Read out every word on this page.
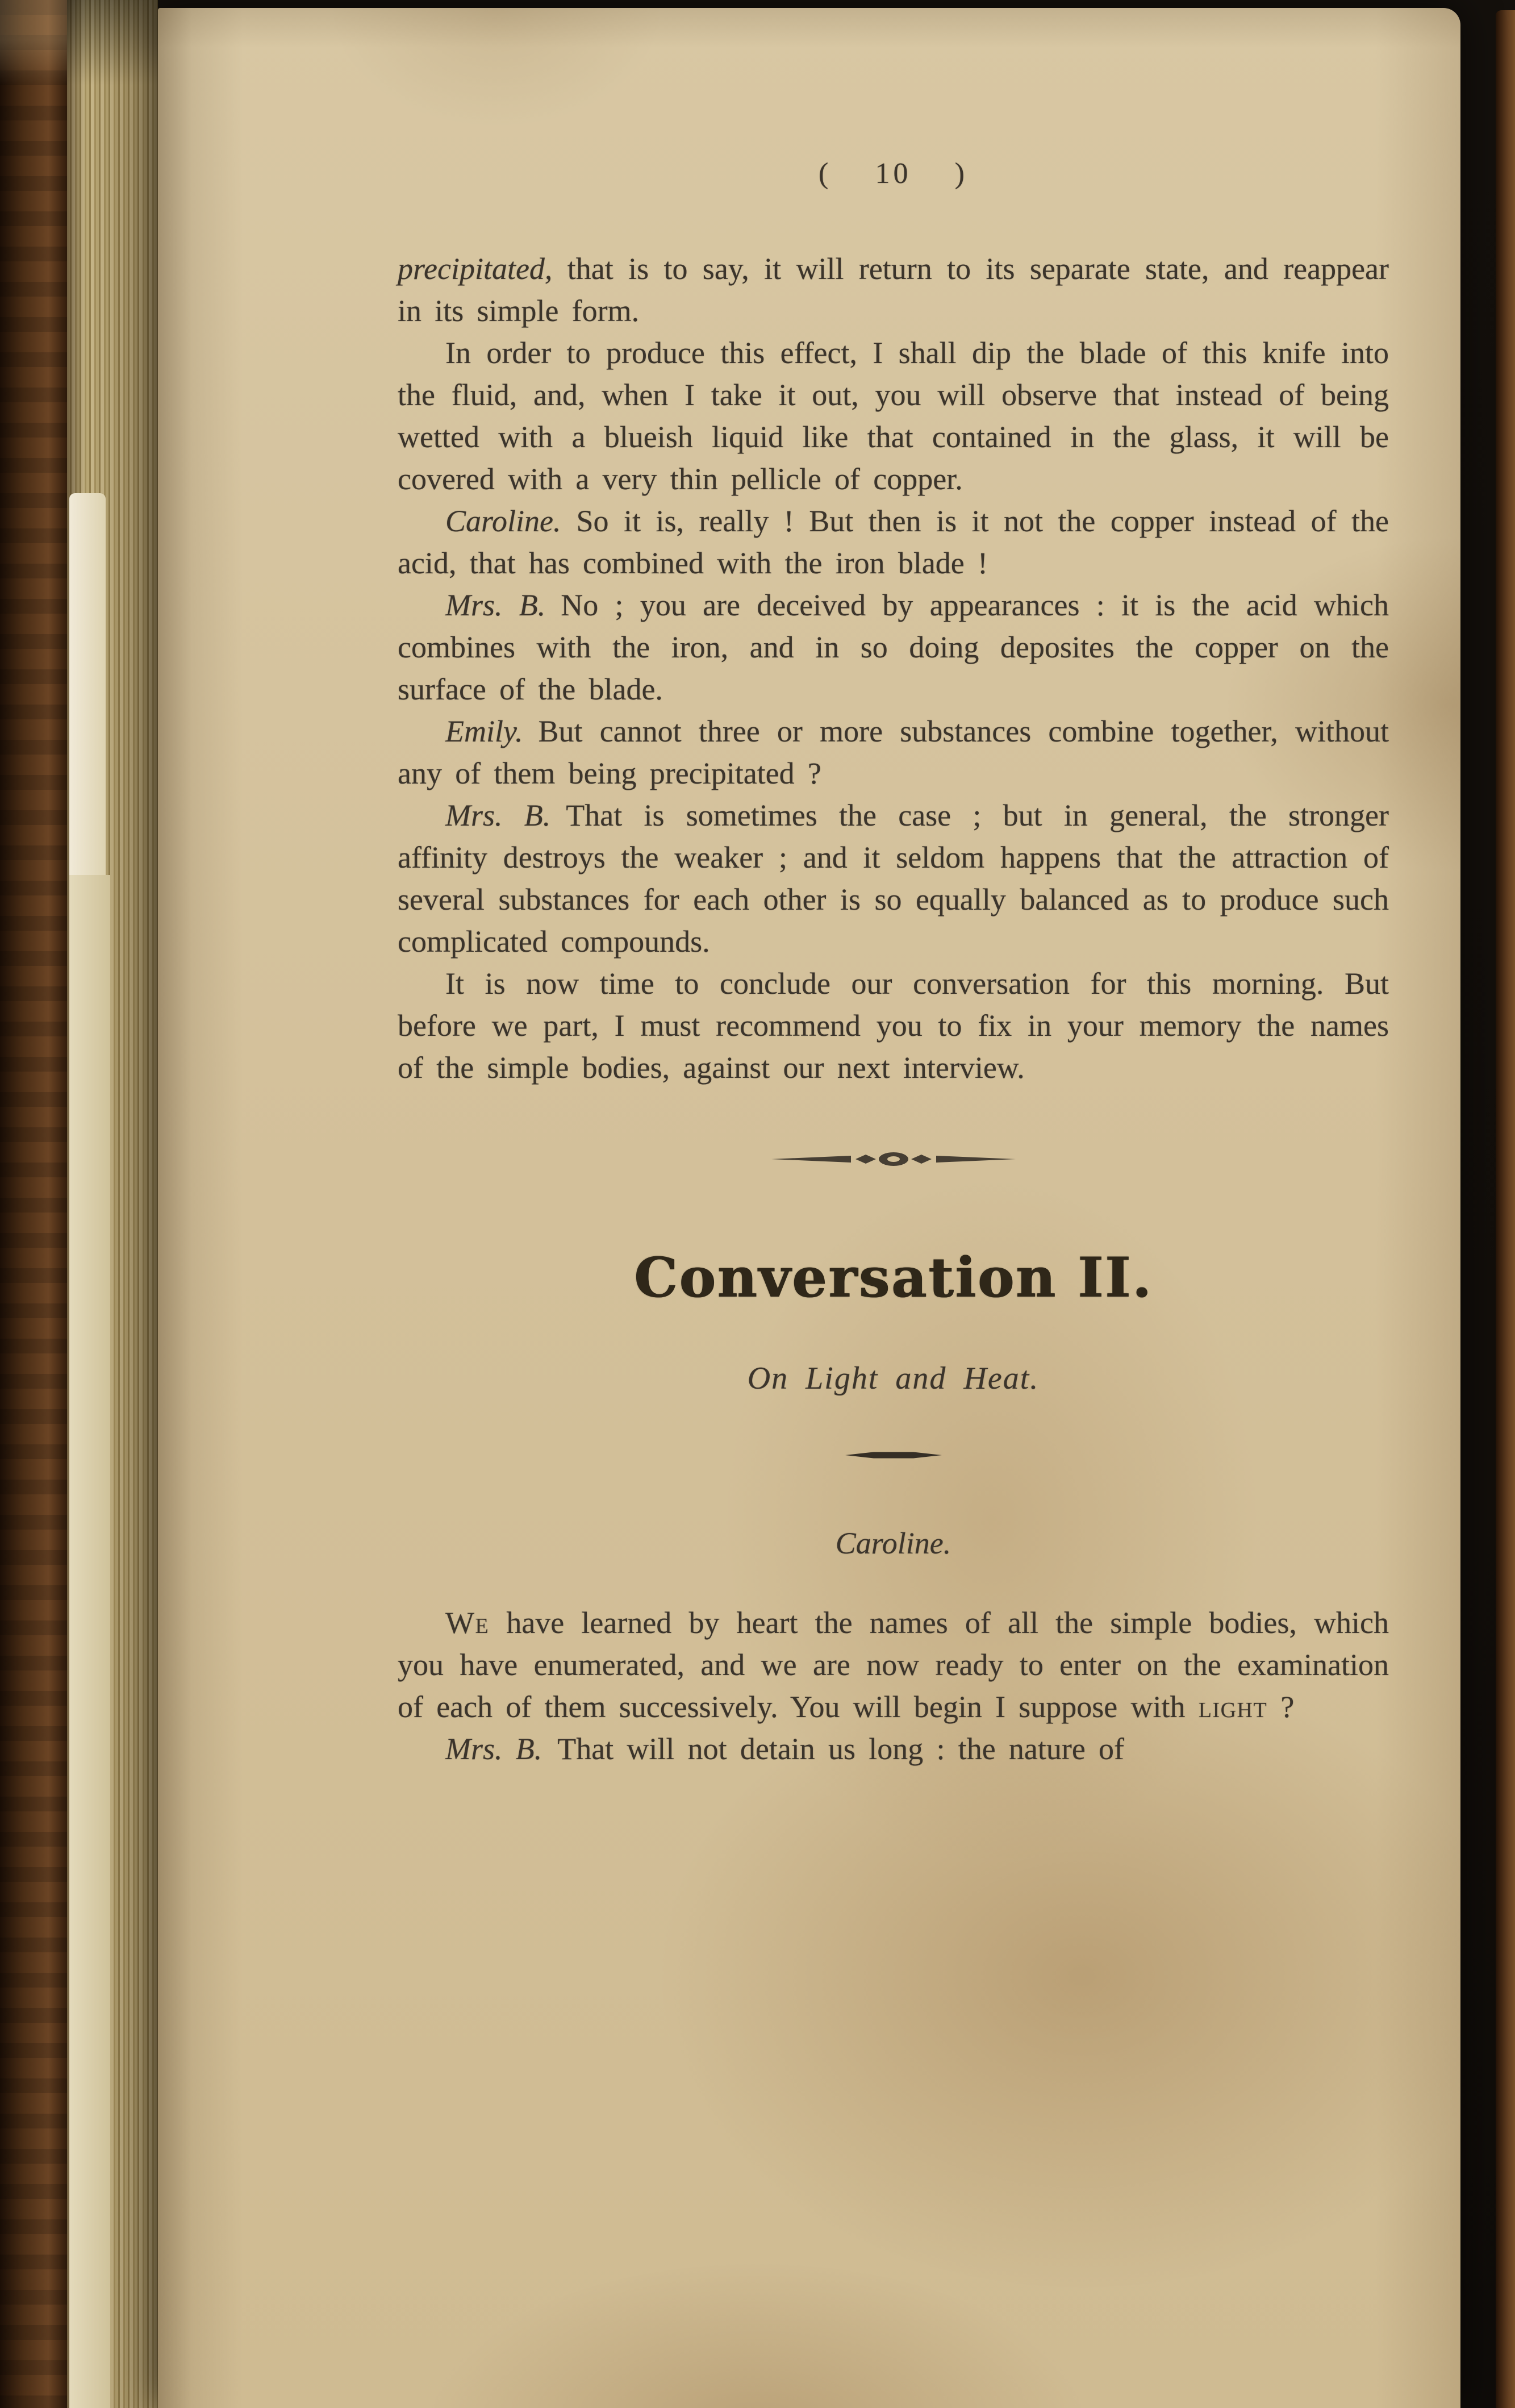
( 10 )

precipitated, that is to say, it will return to its separate state, and reappear in its simple form.

In order to produce this effect, I shall dip the blade of this knife into the fluid, and, when I take it out, you will observe that instead of being wetted with a blueish liquid like that contained in the glass, it will be covered with a very thin pellicle of copper.

Caroline. So it is, really ! But then is it not the copper instead of the acid, that has combined with the iron blade !

Mrs. B. No ; you are deceived by appearances : it is the acid which combines with the iron, and in so doing deposites the copper on the surface of the blade.

Emily. But cannot three or more substances combine together, without any of them being precipitated ?

Mrs. B. That is sometimes the case ; but in general, the stronger affinity destroys the weaker ; and it seldom happens that the attraction of several substances for each other is so equally balanced as to produce such complicated compounds.

It is now time to conclude our conversation for this morning. But before we part, I must recommend you to fix in your memory the names of the simple bodies, against our next interview.

Conversation II.
On Light and Heat.
Caroline.

We have learned by heart the names of all the simple bodies, which you have enumerated, and we are now ready to enter on the examination of each of them successively. You will begin I suppose with light ?

Mrs. B. That will not detain us long : the nature of
